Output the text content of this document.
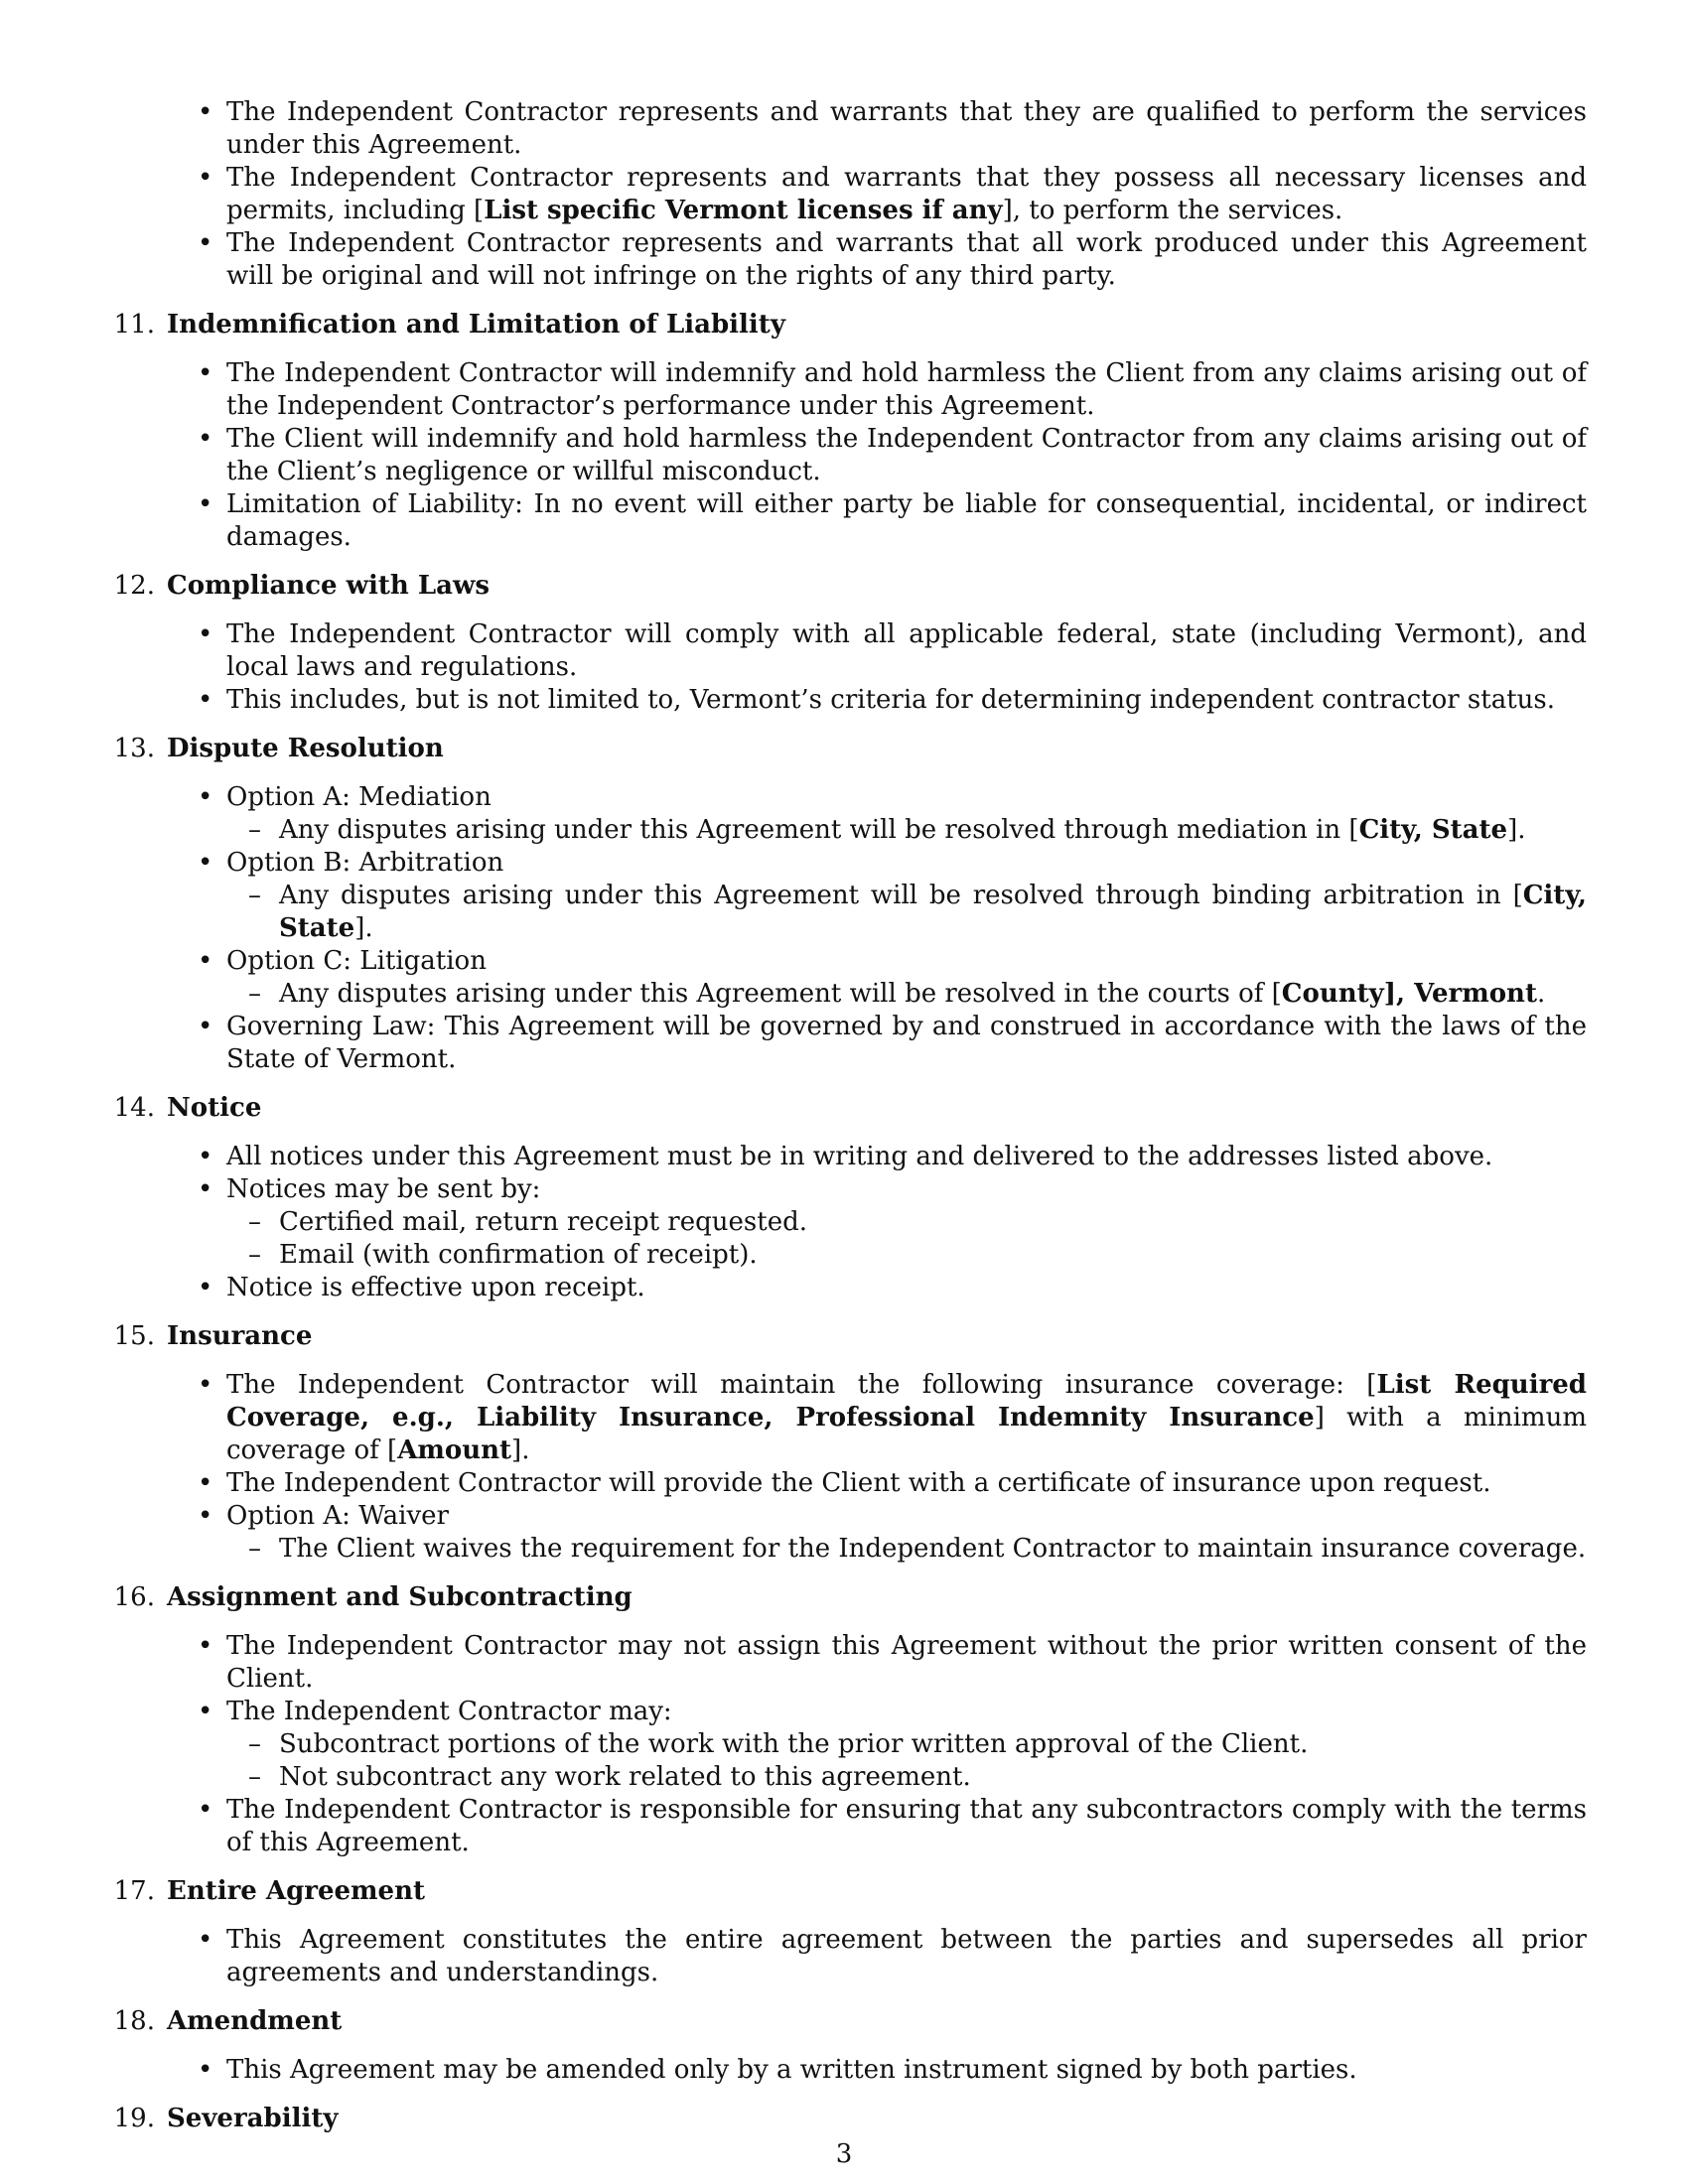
• The Independent Contractor represents and warrants that they are qualified to perform the services under this Agreement.
• The Independent Contractor represents and warrants that they possess all necessary licenses and permits, including [List specific Vermont licenses if any], to perform the services.
• The Independent Contractor represents and warrants that all work produced under this Agreement will be original and will not infringe on the rights of any third party.
11. Indemnification and Limitation of Liability
• The Independent Contractor will indemnify and hold harmless the Client from any claims arising out of the Independent Contractor’s performance under this Agreement.
• The Client will indemnify and hold harmless the Independent Contractor from any claims arising out of the Client’s negligence or willful misconduct.
• Limitation of Liability: In no event will either party be liable for consequential, incidental, or indirect damages.
12. Compliance with Laws
• The Independent Contractor will comply with all applicable federal, state (including Vermont), and local laws and regulations.
• This includes, but is not limited to, Vermont’s criteria for determining independent contractor status.
13. Dispute Resolution
• Option A: Mediation
– Any disputes arising under this Agreement will be resolved through mediation in [City, State].
• Option B: Arbitration
– Any disputes arising under this Agreement will be resolved through binding arbitration in [City, State].
• Option C: Litigation
– Any disputes arising under this Agreement will be resolved in the courts of [County], Vermont.
• Governing Law: This Agreement will be governed by and construed in accordance with the laws of the State of Vermont.
14. Notice
• All notices under this Agreement must be in writing and delivered to the addresses listed above.
• Notices may be sent by:
– Certified mail, return receipt requested.
– Email (with confirmation of receipt).
• Notice is effective upon receipt.
15. Insurance
• The Independent Contractor will maintain the following insurance coverage: [List Required Coverage, e.g., Liability Insurance, Professional Indemnity Insurance] with a minimum coverage of [Amount].
• The Independent Contractor will provide the Client with a certificate of insurance upon request.
• Option A: Waiver
– The Client waives the requirement for the Independent Contractor to maintain insurance coverage.
16. Assignment and Subcontracting
• The Independent Contractor may not assign this Agreement without the prior written consent of the Client.
• The Independent Contractor may:
– Subcontract portions of the work with the prior written approval of the Client.
– Not subcontract any work related to this agreement.
• The Independent Contractor is responsible for ensuring that any subcontractors comply with the terms of this Agreement.
17. Entire Agreement
• This Agreement constitutes the entire agreement between the parties and supersedes all prior agreements and understandings.
18. Amendment
• This Agreement may be amended only by a written instrument signed by both parties.
19. Severability
3
